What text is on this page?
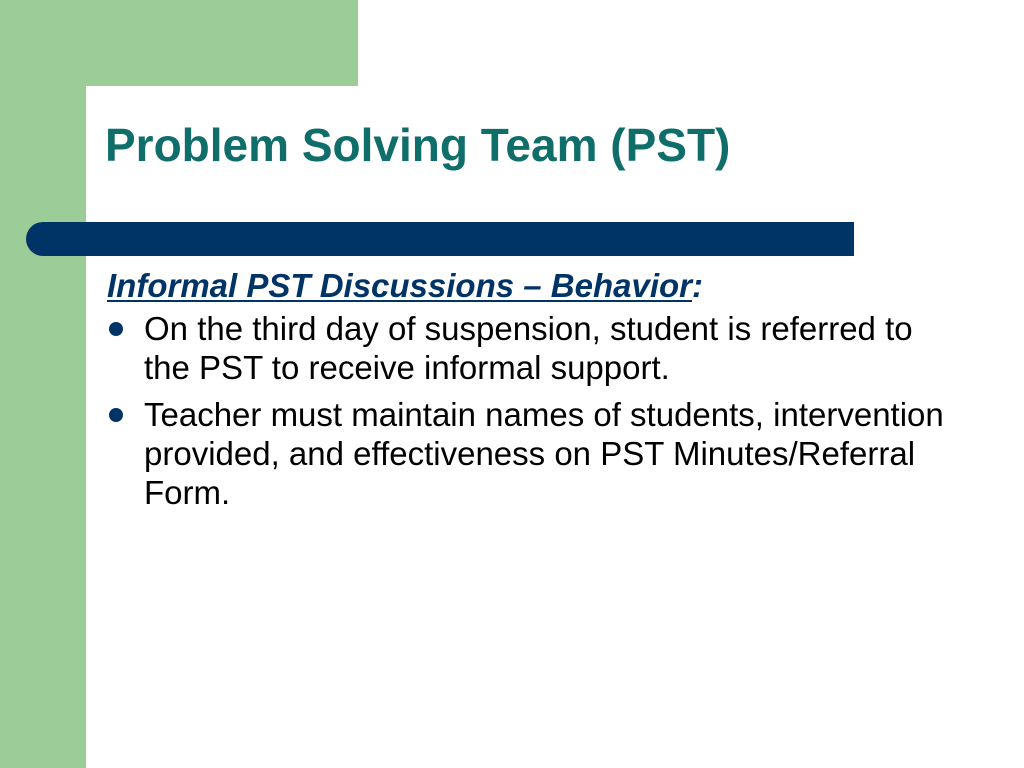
Problem Solving Team (PST)

Informal PST Discussions – Behavior:

On the third day of suspension, student is referred to the PST to receive informal support.
Teacher must maintain names of students, intervention provided, and effectiveness on PST Minutes/Referral Form.
